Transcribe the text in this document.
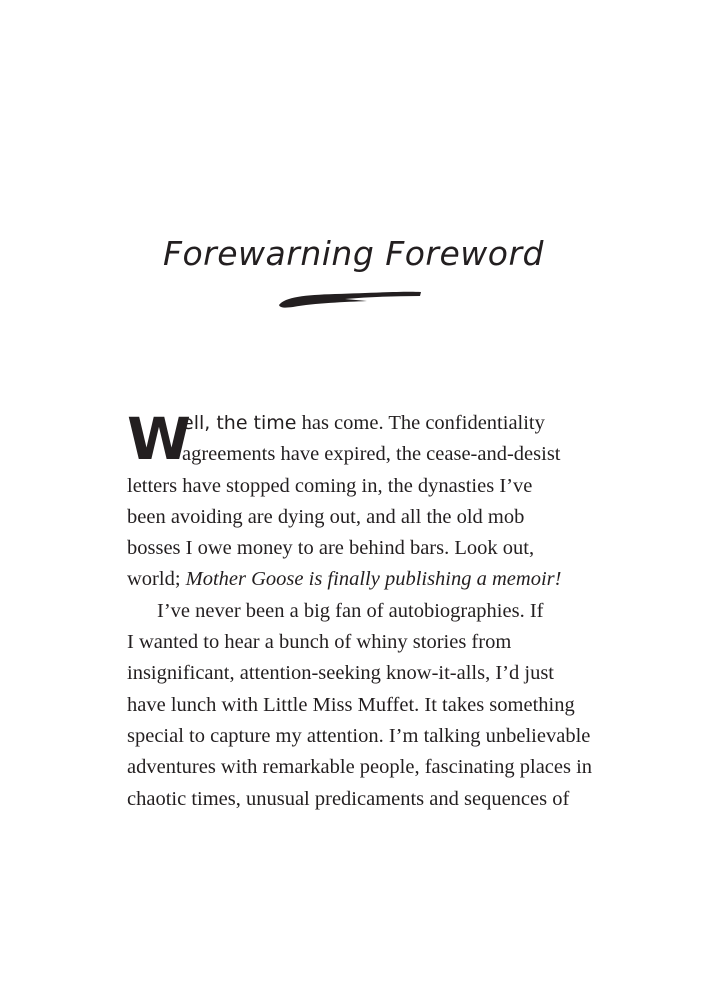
Forewarning Foreword
W
ell, the time has come. The confidentiality
agreements have expired, the cease-and-desist
letters have stopped coming in, the dynasties I’ve
been avoiding are dying out, and all the old mob
bosses I owe money to are behind bars. Look out,
world; Mother Goose is finally publishing a memoir!
I’ve never been a big fan of autobiographies. If
I wanted to hear a bunch of whiny stories from
insignificant, attention-seeking know-it-alls, I’d just
have lunch with Little Miss Muffet. It takes something
special to capture my attention. I’m talking unbelievable
adventures with remarkable people, fascinating places in
chaotic times, unusual predicaments and sequences of
